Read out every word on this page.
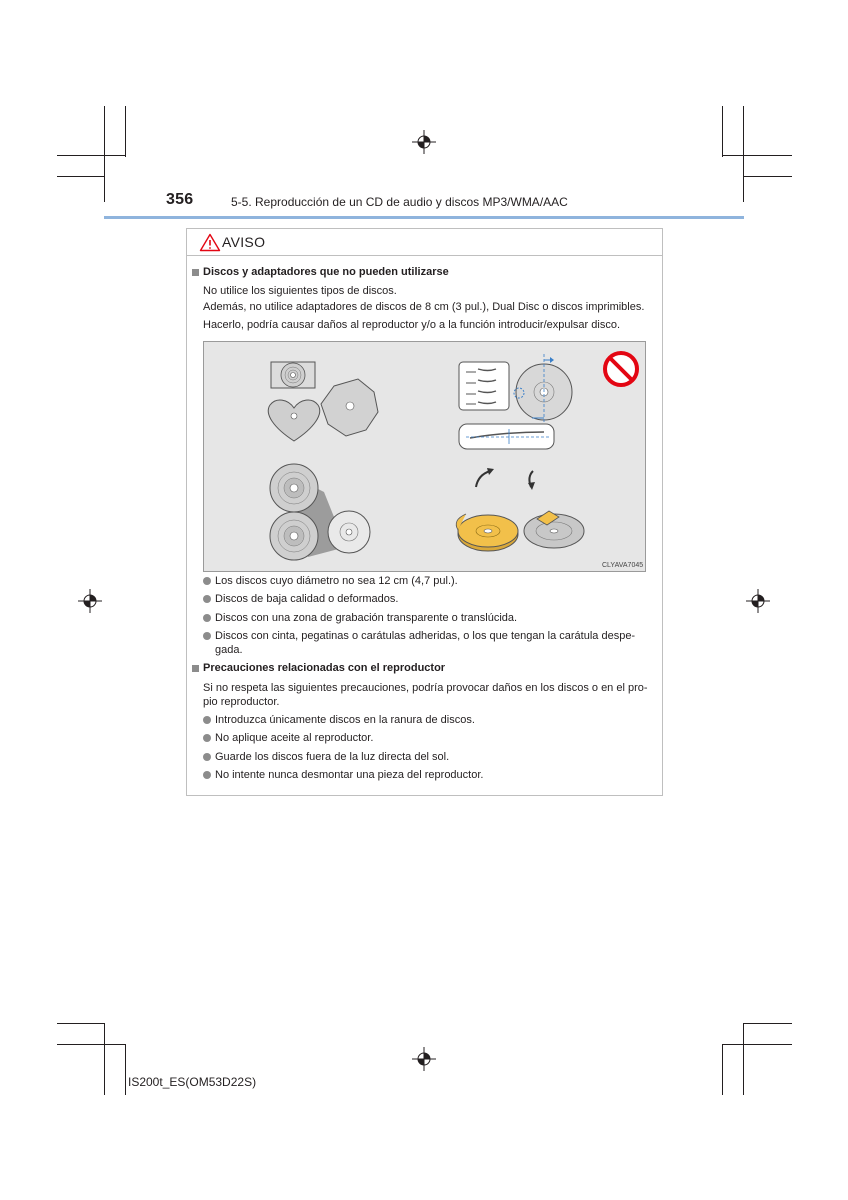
356	5-5. Reproducción de un CD de audio y discos MP3/WMA/AAC
AVISO
Discos y adaptadores que no pueden utilizarse
No utilice los siguientes tipos de discos.
Además, no utilice adaptadores de discos de 8 cm (3 pul.), Dual Disc o discos imprimibles.
Hacerlo, podría causar daños al reproductor y/o a la función introducir/expulsar disco.
CLYAVA7045
Los discos cuyo diámetro no sea 12 cm (4,7 pul.).
Discos de baja calidad o deformados.
Discos con una zona de grabación transparente o translúcida.
Discos con cinta, pegatinas o carátulas adheridas, o los que tengan la carátula despe-
gada.
Precauciones relacionadas con el reproductor
Si no respeta las siguientes precauciones, podría provocar daños en los discos o en el pro-
pio reproductor.
Introduzca únicamente discos en la ranura de discos.
No aplique aceite al reproductor.
Guarde los discos fuera de la luz directa del sol.
No intente nunca desmontar una pieza del reproductor.
IS200t_ES(OM53D22S)
